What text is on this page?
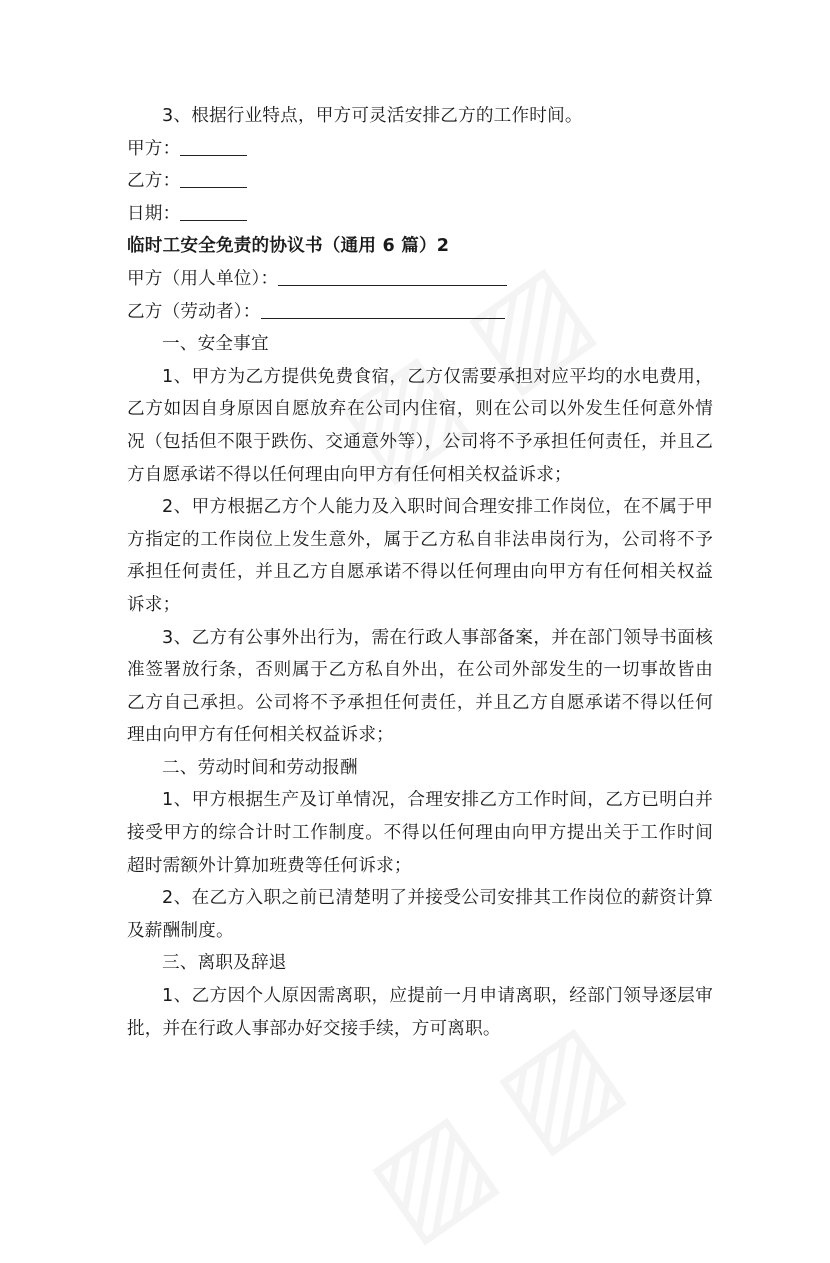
3、根据行业特点，甲方可灵活安排乙方的工作时间。

甲方：

乙方：

日期：

临时工安全免责的协议书（通用 6 篇）2

甲方（用人单位）：

乙方（劳动者）：

一、安全事宜

1、甲方为乙方提供免费食宿，乙方仅需要承担对应平均的水电费用，乙方如因自身原因自愿放弃在公司内住宿，则在公司以外发生任何意外情况（包括但不限于跌伤、交通意外等），公司将不予承担任何责任，并且乙方自愿承诺不得以任何理由向甲方有任何相关权益诉求；

2、甲方根据乙方个人能力及入职时间合理安排工作岗位，在不属于甲方指定的工作岗位上发生意外，属于乙方私自非法串岗行为，公司将不予承担任何责任，并且乙方自愿承诺不得以任何理由向甲方有任何相关权益诉求；

3、乙方有公事外出行为，需在行政人事部备案，并在部门领导书面核准签署放行条，否则属于乙方私自外出，在公司外部发生的一切事故皆由乙方自己承担。公司将不予承担任何责任，并且乙方自愿承诺不得以任何理由向甲方有任何相关权益诉求；

二、劳动时间和劳动报酬

1、甲方根据生产及订单情况，合理安排乙方工作时间，乙方已明白并接受甲方的综合计时工作制度。不得以任何理由向甲方提出关于工作时间超时需额外计算加班费等任何诉求；

2、在乙方入职之前已清楚明了并接受公司安排其工作岗位的薪资计算及薪酬制度。

三、离职及辞退

1、乙方因个人原因需离职，应提前一月申请离职，经部门领导逐层审批，并在行政人事部办好交接手续，方可离职。
